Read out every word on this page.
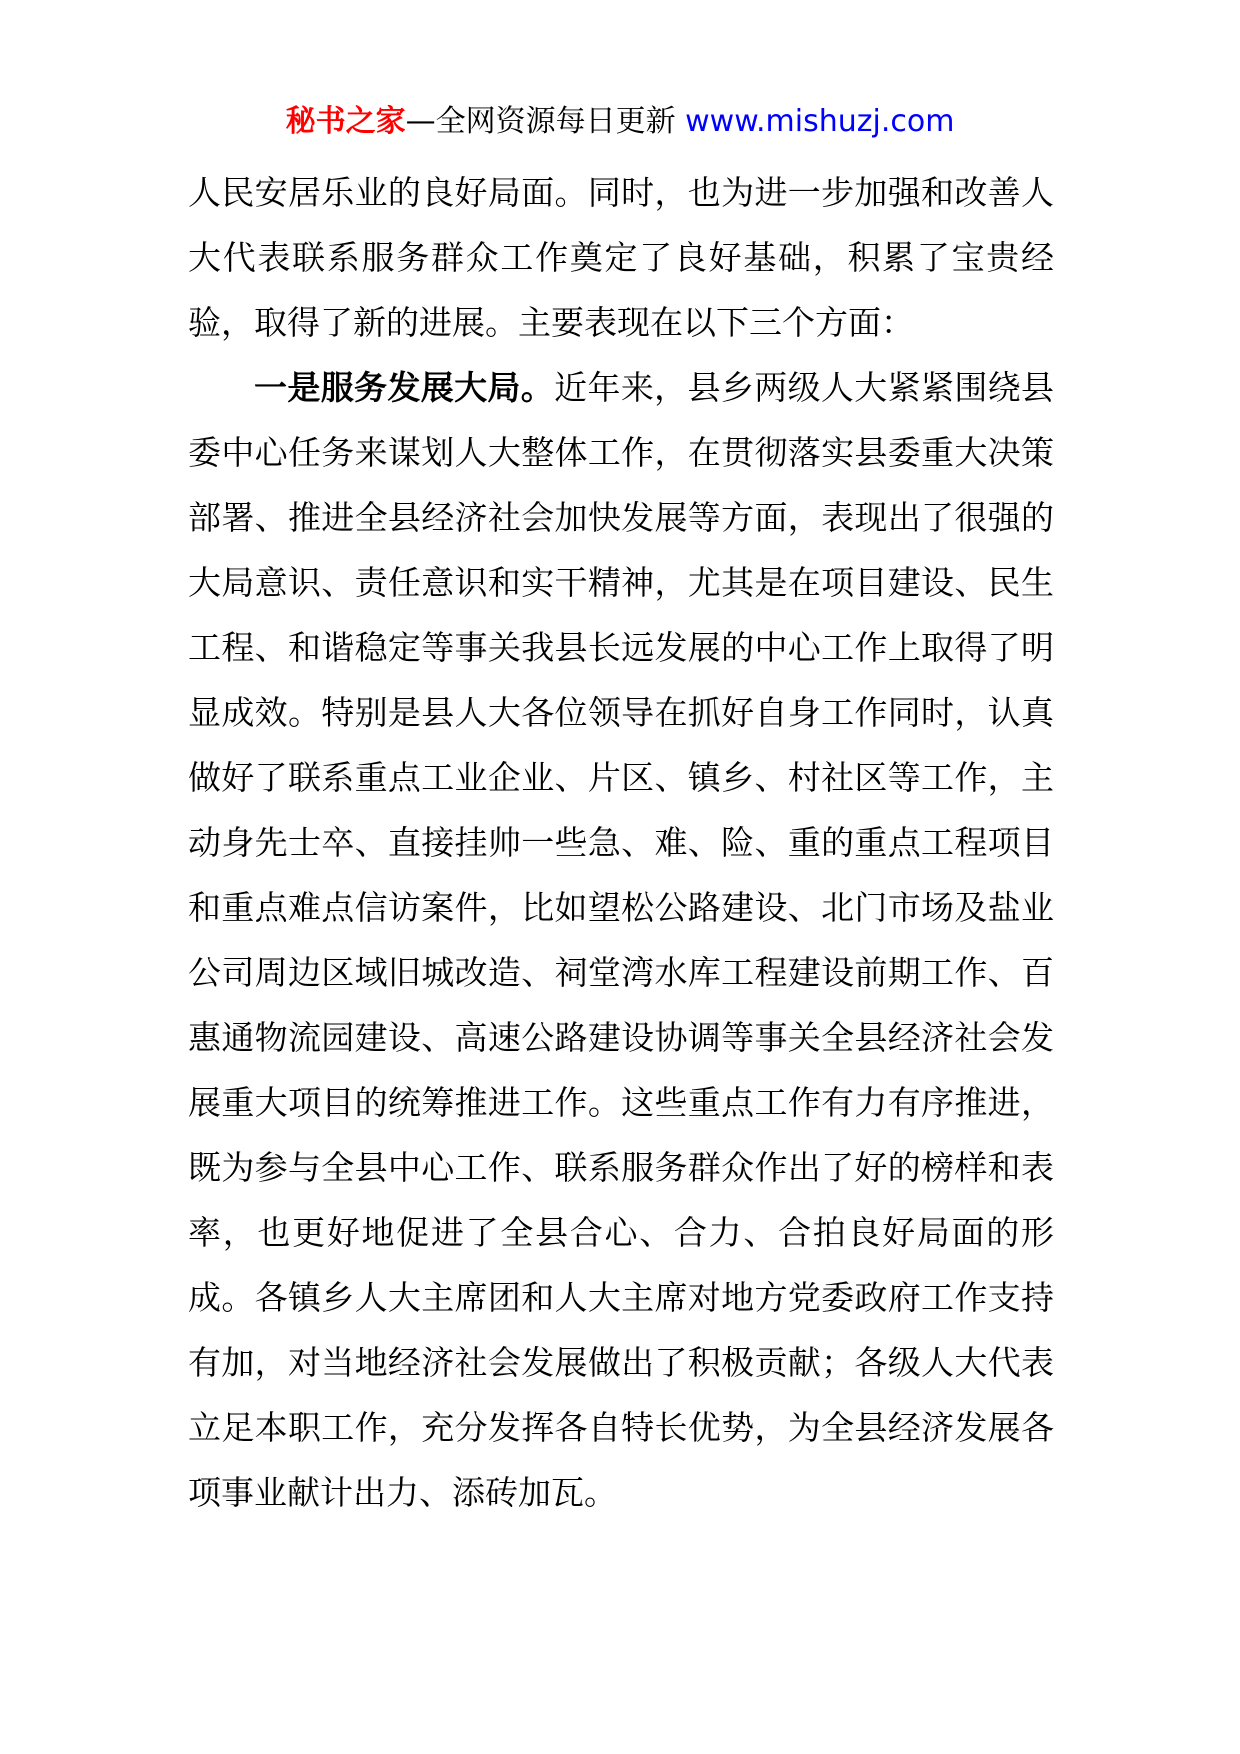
秘书之家—全网资源每日更新 www.mishuzj.com

人民安居乐业的良好局面。同时，也为进一步加强和改善人大代表联系服务群众工作奠定了良好基础，积累了宝贵经验，取得了新的进展。主要表现在以下三个方面：

一是服务发展大局。近年来，县乡两级人大紧紧围绕县委中心任务来谋划人大整体工作，在贯彻落实县委重大决策部署、推进全县经济社会加快发展等方面，表现出了很强的大局意识、责任意识和实干精神，尤其是在项目建设、民生工程、和谐稳定等事关我县长远发展的中心工作上取得了明显成效。特别是县人大各位领导在抓好自身工作同时，认真做好了联系重点工业企业、片区、镇乡、村社区等工作，主动身先士卒、直接挂帅一些急、难、险、重的重点工程项目和重点难点信访案件，比如望松公路建设、北门市场及盐业公司周边区域旧城改造、祠堂湾水库工程建设前期工作、百惠通物流园建设、高速公路建设协调等事关全县经济社会发展重大项目的统筹推进工作。这些重点工作有力有序推进，既为参与全县中心工作、联系服务群众作出了好的榜样和表率，也更好地促进了全县合心、合力、合拍良好局面的形成。各镇乡人大主席团和人大主席对地方党委政府工作支持有加，对当地经济社会发展做出了积极贡献；各级人大代表立足本职工作，充分发挥各自特长优势，为全县经济发展各项事业献计出力、添砖加瓦。
